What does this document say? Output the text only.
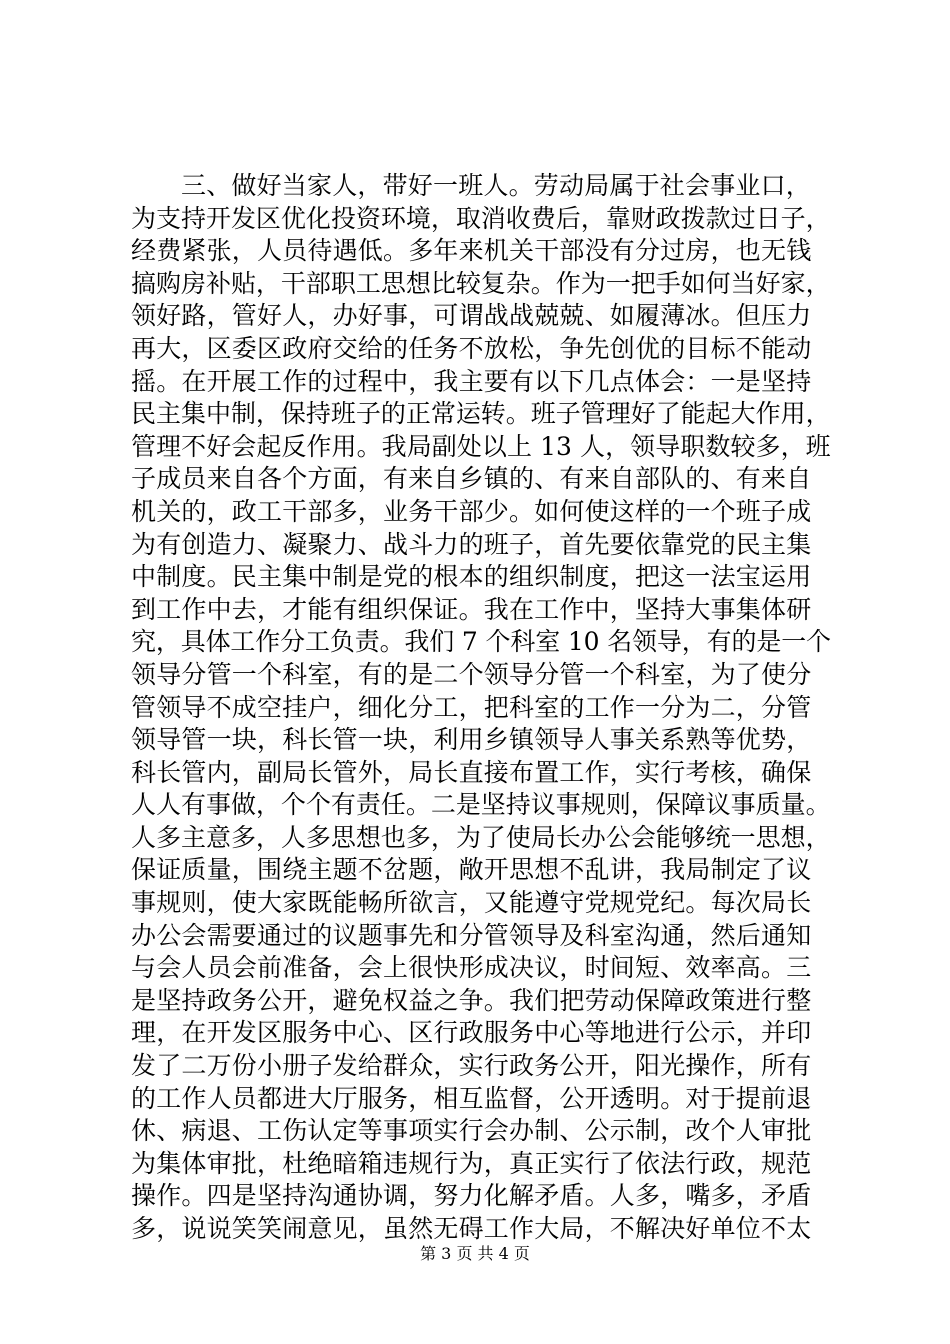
三、做好当家人，带好一班人。劳动局属于社会事业口，
为支持开发区优化投资环境，取消收费后，靠财政拨款过日子，
经费紧张，人员待遇低。多年来机关干部没有分过房，也无钱
搞购房补贴，干部职工思想比较复杂。作为一把手如何当好家，
领好路，管好人，办好事，可谓战战兢兢、如履薄冰。但压力
再大，区委区政府交给的任务不放松，争先创优的目标不能动
摇。在开展工作的过程中，我主要有以下几点体会：一是坚持
民主集中制，保持班子的正常运转。班子管理好了能起大作用，
管理不好会起反作用。我局副处以上 13 人，领导职数较多，班
子成员来自各个方面，有来自乡镇的、有来自部队的、有来自
机关的，政工干部多，业务干部少。如何使这样的一个班子成
为有创造力、凝聚力、战斗力的班子，首先要依靠党的民主集
中制度。民主集中制是党的根本的组织制度，把这一法宝运用
到工作中去，才能有组织保证。我在工作中，坚持大事集体研
究，具体工作分工负责。我们 7 个科室 10 名领导，有的是一个
领导分管一个科室，有的是二个领导分管一个科室，为了使分
管领导不成空挂户，细化分工，把科室的工作一分为二，分管
领导管一块，科长管一块，利用乡镇领导人事关系熟等优势，
科长管内，副局长管外，局长直接布置工作，实行考核，确保
人人有事做，个个有责任。二是坚持议事规则，保障议事质量。
人多主意多，人多思想也多，为了使局长办公会能够统一思想，
保证质量，围绕主题不岔题，敞开思想不乱讲，我局制定了议
事规则，使大家既能畅所欲言，又能遵守党规党纪。每次局长
办公会需要通过的议题事先和分管领导及科室沟通，然后通知
与会人员会前准备，会上很快形成决议，时间短、效率高。三
是坚持政务公开，避免权益之争。我们把劳动保障政策进行整
理，在开发区服务中心、区行政服务中心等地进行公示，并印
发了二万份小册子发给群众，实行政务公开，阳光操作，所有
的工作人员都进大厅服务，相互监督，公开透明。对于提前退
休、病退、工伤认定等事项实行会办制、公示制，改个人审批
为集体审批，杜绝暗箱违规行为，真正实行了依法行政，规范
操作。四是坚持沟通协调，努力化解矛盾。人多，嘴多，矛盾
多，说说笑笑闹意见，虽然无碍工作大局，不解决好单位不太
第 3 页 共 4 页
